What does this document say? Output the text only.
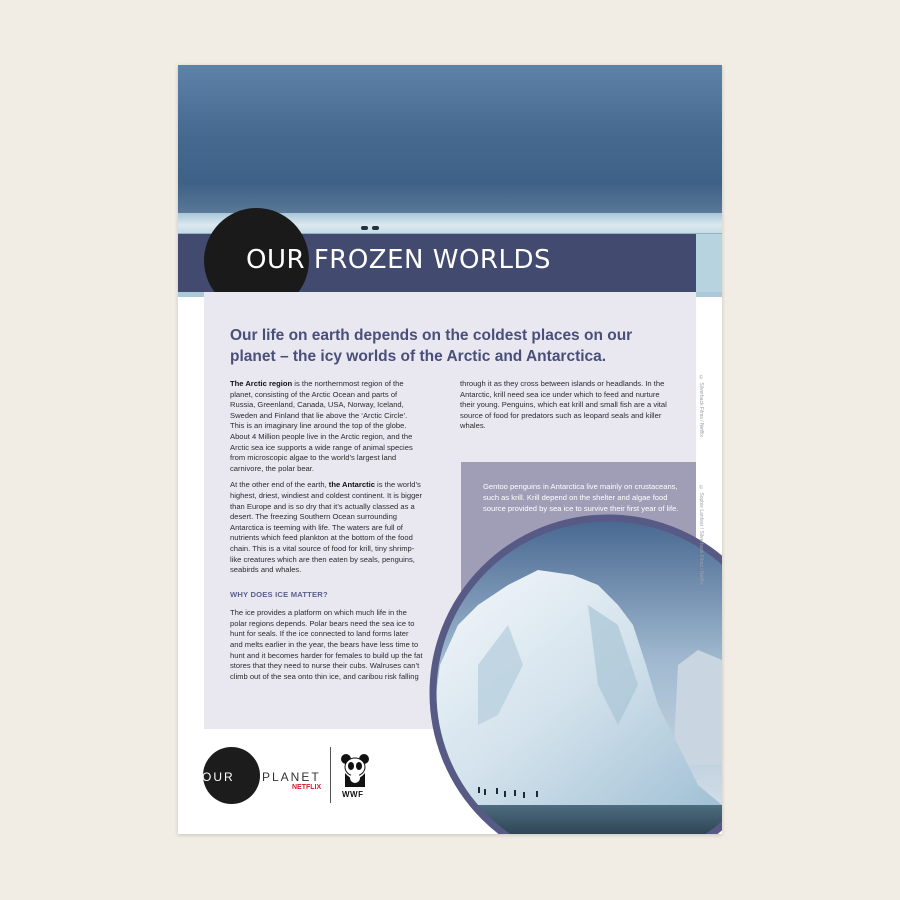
OUR FROZEN WORLDS
Our life on earth depends on the coldest places on our planet – the icy worlds of the Arctic and Antarctica.

The Arctic region is the northernmost region of the planet, consisting of the Arctic Ocean and parts of Russia, Greenland, Canada, USA, Norway, Iceland, Sweden and Finland that lie above the ‘Arctic Circle’. This is an imaginary line around the top of the globe. About 4 Million people live in the Arctic region, and the Arctic sea ice supports a wide range of animal species from microscopic algae to the world’s largest land carnivore, the polar bear.

At the other end of the earth, the Antarctic is the world’s highest, driest, windiest and coldest continent. It is bigger than Europe and is so dry that it’s actually classed as a desert. The freezing Southern Ocean surrounding Antarctica is teeming with life. The waters are full of nutrients which feed plankton at the bottom of the food chain. This is a vital source of food for krill, tiny shrimp-like creatures which are then eaten by seals, penguins, seabirds and whales.

WHY DOES ICE MATTER?

The ice provides a platform on which much life in the polar regions depends. Polar bears need the sea ice to hunt for seals. If the ice connected to land forms later and melts earlier in the year, the bears have less time to hunt and it becomes harder for females to build up the fat stores that they need to nurse their cubs. Walruses can’t climb out of the sea onto thin ice, and caribou risk falling

through it as they cross between islands or headlands. In the Antarctic, krill need sea ice under which to feed and nurture their young. Penguins, which eat krill and small fish are a vital source of food for predators such as leopard seals and killer whales.

Gentoo penguins in Antarctica live mainly on crustaceans, such as krill. Krill depend on the shelter and algae food source provided by sea ice to survive their first year of life.

© Silverback Films / Netflix
© Sophie Lanfear / Silverback Films / Netflix
OUR PLANET
NETFLIX
WWF
